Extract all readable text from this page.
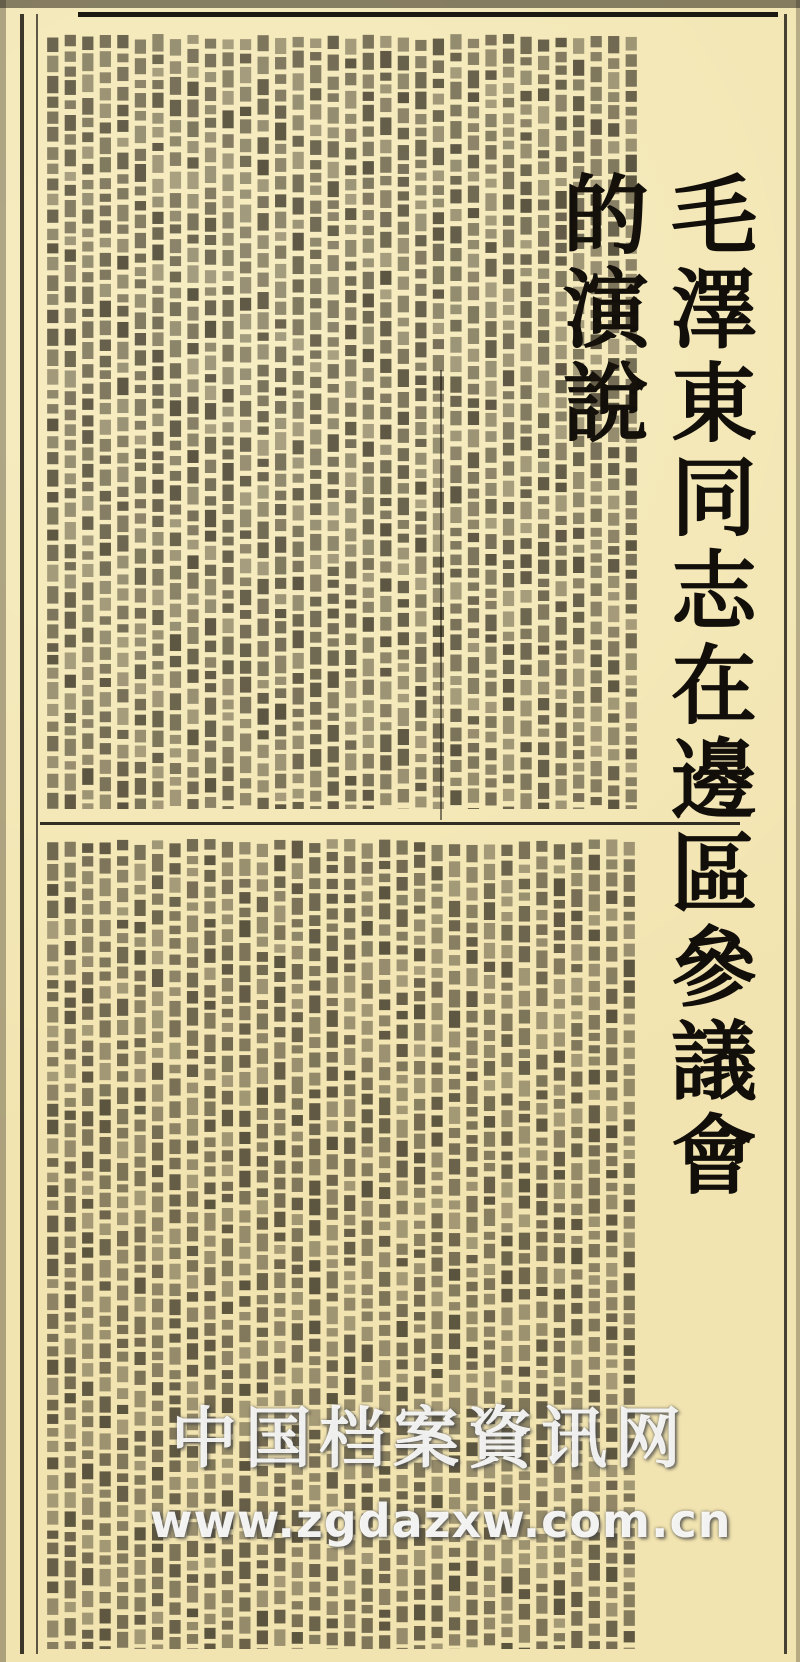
毛澤東同志在邊區參議會 演說
中国档案資讯网
www.zgdazxw.com.cn
